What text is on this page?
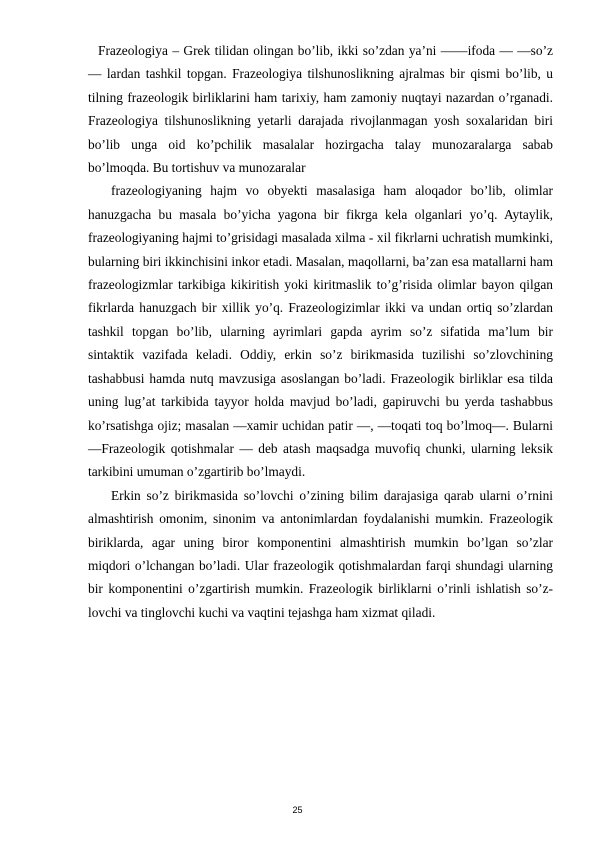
Frazeologiya – Grek tilidan olingan bo’lib, ikki so’zdan ya’ni ―—ifoda — —so’z — lardan tashkil topgan. Frazeologiya tilshunoslikning ajralmas bir qismi bo’lib, u tilning frazeologik birliklarini ham tarixiy, ham zamoniy nuqtayi nazardan o’rganadi. Frazeologiya tilshunoslikning yetarli darajada rivojlanmagan yosh soxalaridan biri bo’lib unga oid ko’pchilik masalalar hozirgacha talay munozaralarga sabab bo’lmoqda. Bu tortishuv va munozaralar

frazeologiyaning hajm vo obyekti masalasiga ham aloqador bo’lib, olimlar hanuzgacha bu masala bo’yicha yagona bir fikrga kela olganlari yo’q. Aytaylik, frazeologiyaning hajmi to’grisidagi masalada xilma - xil fikrlarni uchratish mumkinki, bularning biri ikkinchisini inkor etadi. Masalan, maqollarni, ba’zan esa matallarni ham frazeologizmlar tarkibiga kikiritish yoki kiritmaslik to’g’risida olimlar bayon qilgan fikrlarda hanuzgach bir xillik yo’q. Frazeologizimlar ikki va undan ortiq so’zlardan tashkil topgan bo’lib, ularning ayrimlari gapda ayrim so’z sifatida ma’lum bir sintaktik vazifada keladi. Oddiy, erkin so’z birikmasida tuzilishi so’zlovchining tashabbusi hamda nutq mavzusiga asoslangan bo’ladi. Frazeologik birliklar esa tilda uning lug’at tarkibida tayyor holda mavjud bo’ladi, gapiruvchi bu yerda tashabbus ko’rsatishga ojiz; masalan ―xamir uchidan patir —, ―toqati toq bo’lmoq—. Bularni ―Frazeologik qotishmalar — deb atash maqsadga muvofiq chunki, ularning leksik tarkibini umuman o’zgartirib bo’lmaydi.

Erkin so’z birikmasida so’lovchi o’zining bilim darajasiga qarab ularni o’rnini almashtirish omonim, sinonim va antonimlardan foydalanishi mumkin. Frazeologik biriklarda, agar uning biror komponentini almashtirish mumkin bo’lgan so’zlar miqdori o’lchangan bo’ladi. Ular frazeologik qotishmalardan farqi shundagi ularning bir komponentini o’zgartirish mumkin. Frazeologik birliklarni o’rinli ishlatish so’z- lovchi va tinglovchi kuchi va vaqtini tejashga ham xizmat qiladi.

25
